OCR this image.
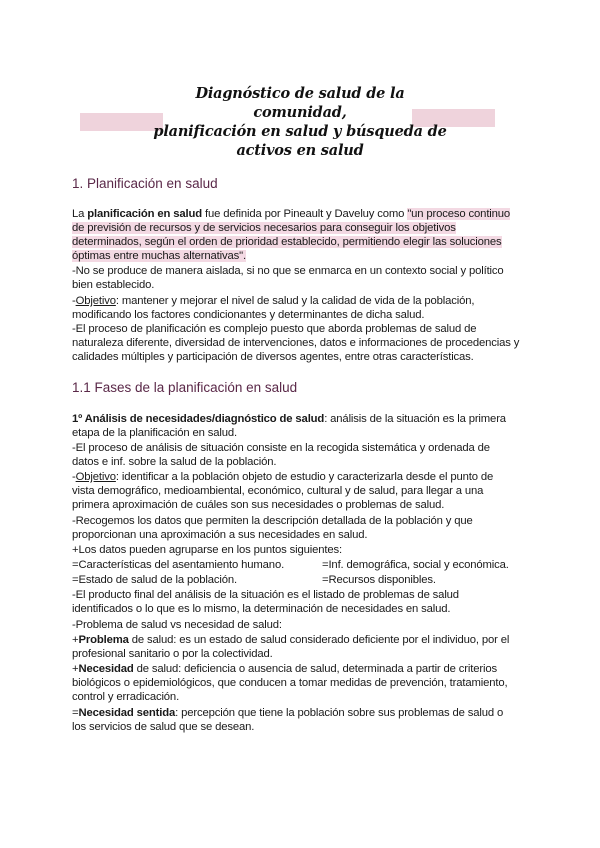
Diagnóstico de salud de la comunidad,
planificación en salud y búsqueda de
activos en salud
1. Planificación en salud
La planificación en salud fue definida por Pineault y Daveluy como "un proceso continuo
de previsión de recursos y de servicios necesarios para conseguir los objetivos
determinados, según el orden de prioridad establecido, permitiendo elegir las soluciones
óptimas entre muchas alternativas".
-No se produce de manera aislada, si no que se enmarca en un contexto social y político
bien establecido.
-Objetivo: mantener y mejorar el nivel de salud y la calidad de vida de la población,
modificando los factores condicionantes y determinantes de dicha salud.
-El proceso de planificación es complejo puesto que aborda problemas de salud de
naturaleza diferente, diversidad de intervenciones, datos e informaciones de procedencias y
calidades múltiples y participación de diversos agentes, entre otras características.
1.1 Fases de la planificación en salud
1º Análisis de necesidades/diagnóstico de salud: análisis de la situación es la primera
etapa de la planificación en salud.
-El proceso de análisis de situación consiste en la recogida sistemática y ordenada de
datos e inf. sobre la salud de la población.
-Objetivo: identificar a la población objeto de estudio y caracterizarla desde el punto de
vista demográfico, medioambiental, económico, cultural y de salud, para llegar a una
primera aproximación de cuáles son sus necesidades o problemas de salud.
-Recogemos los datos que permiten la descripción detallada de la población y que
proporcionan una aproximación a sus necesidades en salud.
+Los datos pueden agruparse en los puntos siguientes:
=Características del asentamiento humano.	=Inf. demográfica, social y económica.
=Estado de salud de la población.	=Recursos disponibles.
-El producto final del análisis de la situación es el listado de problemas de salud
identificados o lo que es lo mismo, la determinación de necesidades en salud.
-Problema de salud vs necesidad de salud:
+Problema de salud: es un estado de salud considerado deficiente por el individuo, por el
profesional sanitario o por la colectividad.
+Necesidad de salud: deficiencia o ausencia de salud, determinada a partir de criterios
biológicos o epidemiológicos, que conducen a tomar medidas de prevención, tratamiento,
control y erradicación.
=Necesidad sentida: percepción que tiene la población sobre sus problemas de salud o
los servicios de salud que se desean.
